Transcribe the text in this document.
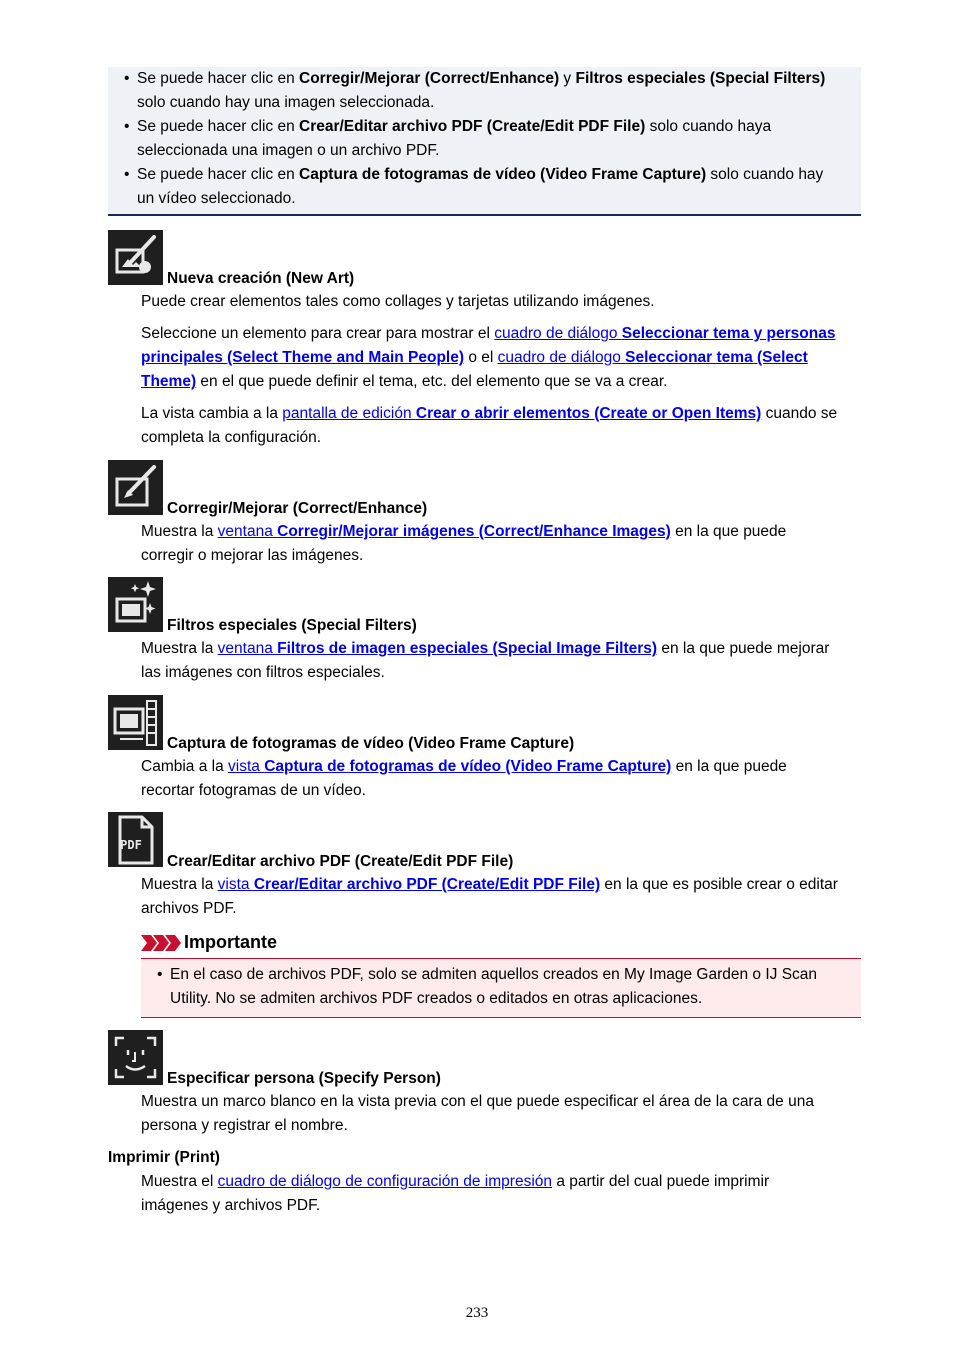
• Se puede hacer clic en Corregir/Mejorar (Correct/Enhance) y Filtros especiales (Special Filters)
solo cuando hay una imagen seleccionada.
• Se puede hacer clic en Crear/Editar archivo PDF (Create/Edit PDF File) solo cuando haya
seleccionada una imagen o un archivo PDF.
• Se puede hacer clic en Captura de fotogramas de vídeo (Video Frame Capture) solo cuando hay
un vídeo seleccionado.
Nueva creación (New Art)
Puede crear elementos tales como collages y tarjetas utilizando imágenes.
Seleccione un elemento para crear para mostrar el cuadro de diálogo Seleccionar tema y personas
principales (Select Theme and Main People) o el cuadro de diálogo Seleccionar tema (Select
Theme) en el que puede definir el tema, etc. del elemento que se va a crear.
La vista cambia a la pantalla de edición Crear o abrir elementos (Create or Open Items) cuando se
completa la configuración.
Corregir/Mejorar (Correct/Enhance)
Muestra la ventana Corregir/Mejorar imágenes (Correct/Enhance Images) en la que puede
corregir o mejorar las imágenes.
Filtros especiales (Special Filters)
Muestra la ventana Filtros de imagen especiales (Special Image Filters) en la que puede mejorar
las imágenes con filtros especiales.
Captura de fotogramas de vídeo (Video Frame Capture)
Cambia a la vista Captura de fotogramas de vídeo (Video Frame Capture) en la que puede
recortar fotogramas de un vídeo.
PDF
Crear/Editar archivo PDF (Create/Edit PDF File)
Muestra la vista Crear/Editar archivo PDF (Create/Edit PDF File) en la que es posible crear o editar
archivos PDF.
Importante
• En el caso de archivos PDF, solo se admiten aquellos creados en My Image Garden o IJ Scan
Utility. No se admiten archivos PDF creados o editados en otras aplicaciones.
Especificar persona (Specify Person)
Muestra un marco blanco en la vista previa con el que puede especificar el área de la cara de una
persona y registrar el nombre.
Imprimir (Print)
Muestra el cuadro de diálogo de configuración de impresión a partir del cual puede imprimir
imágenes y archivos PDF.
233
